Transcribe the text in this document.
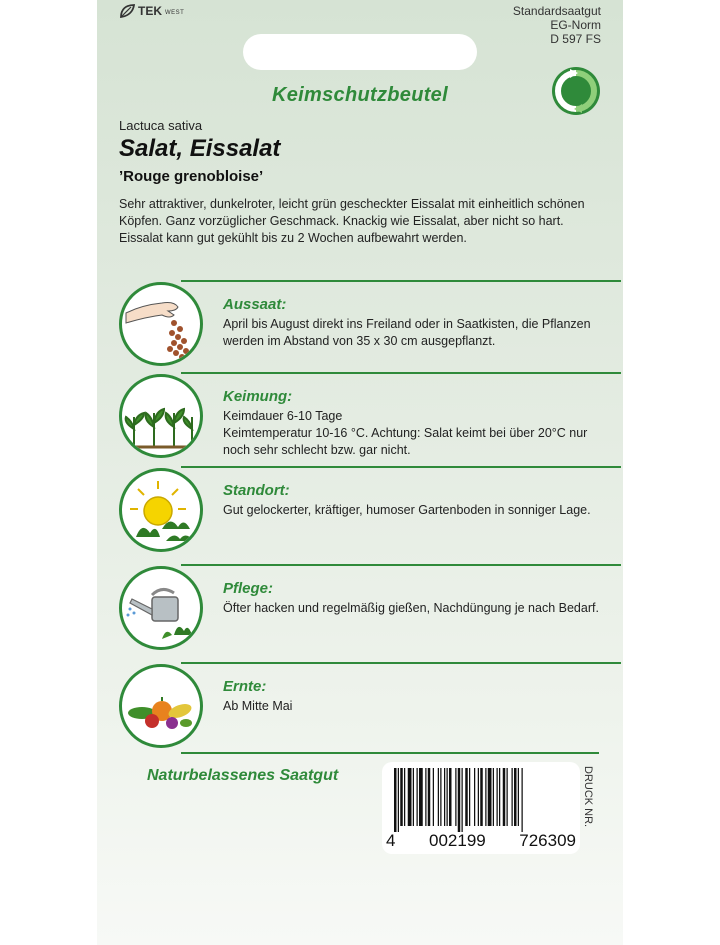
TEK WEST	Standardsaatgut
EG-Norm
D 597 FS
Keimschutzbeutel
Lactuca sativa
Salat, Eissalat
’Rouge grenobloise’
Sehr attraktiver, dunkelroter, leicht grün gescheckter Eissalat mit einheitlich schönen Köpfen. Ganz vorzüglicher Geschmack. Knackig wie Eissalat, aber nicht so hart. Eissalat kann gut gekühlt bis zu 2 Wochen aufbewahrt werden.
Aussaat:
April bis August direkt ins Freiland oder in Saatkisten, die Pflanzen werden im Abstand von 35 x 30 cm ausgepflanzt.
Keimung:
Keimdauer 6-10 Tage
Keimtemperatur 10-16 °C. Achtung: Salat keimt bei über 20°C nur noch sehr schlecht bzw. gar nicht.
Standort:
Gut gelockerter, kräftiger, humoser Gartenboden in sonniger Lage.
Pflege:
Öfter hacken und regelmäßig gießen, Nachdüngung je nach Bedarf.
Ernte:
Ab Mitte Mai
Naturbelassenes Saatgut
4 002199 726309
DRUCK NR.
